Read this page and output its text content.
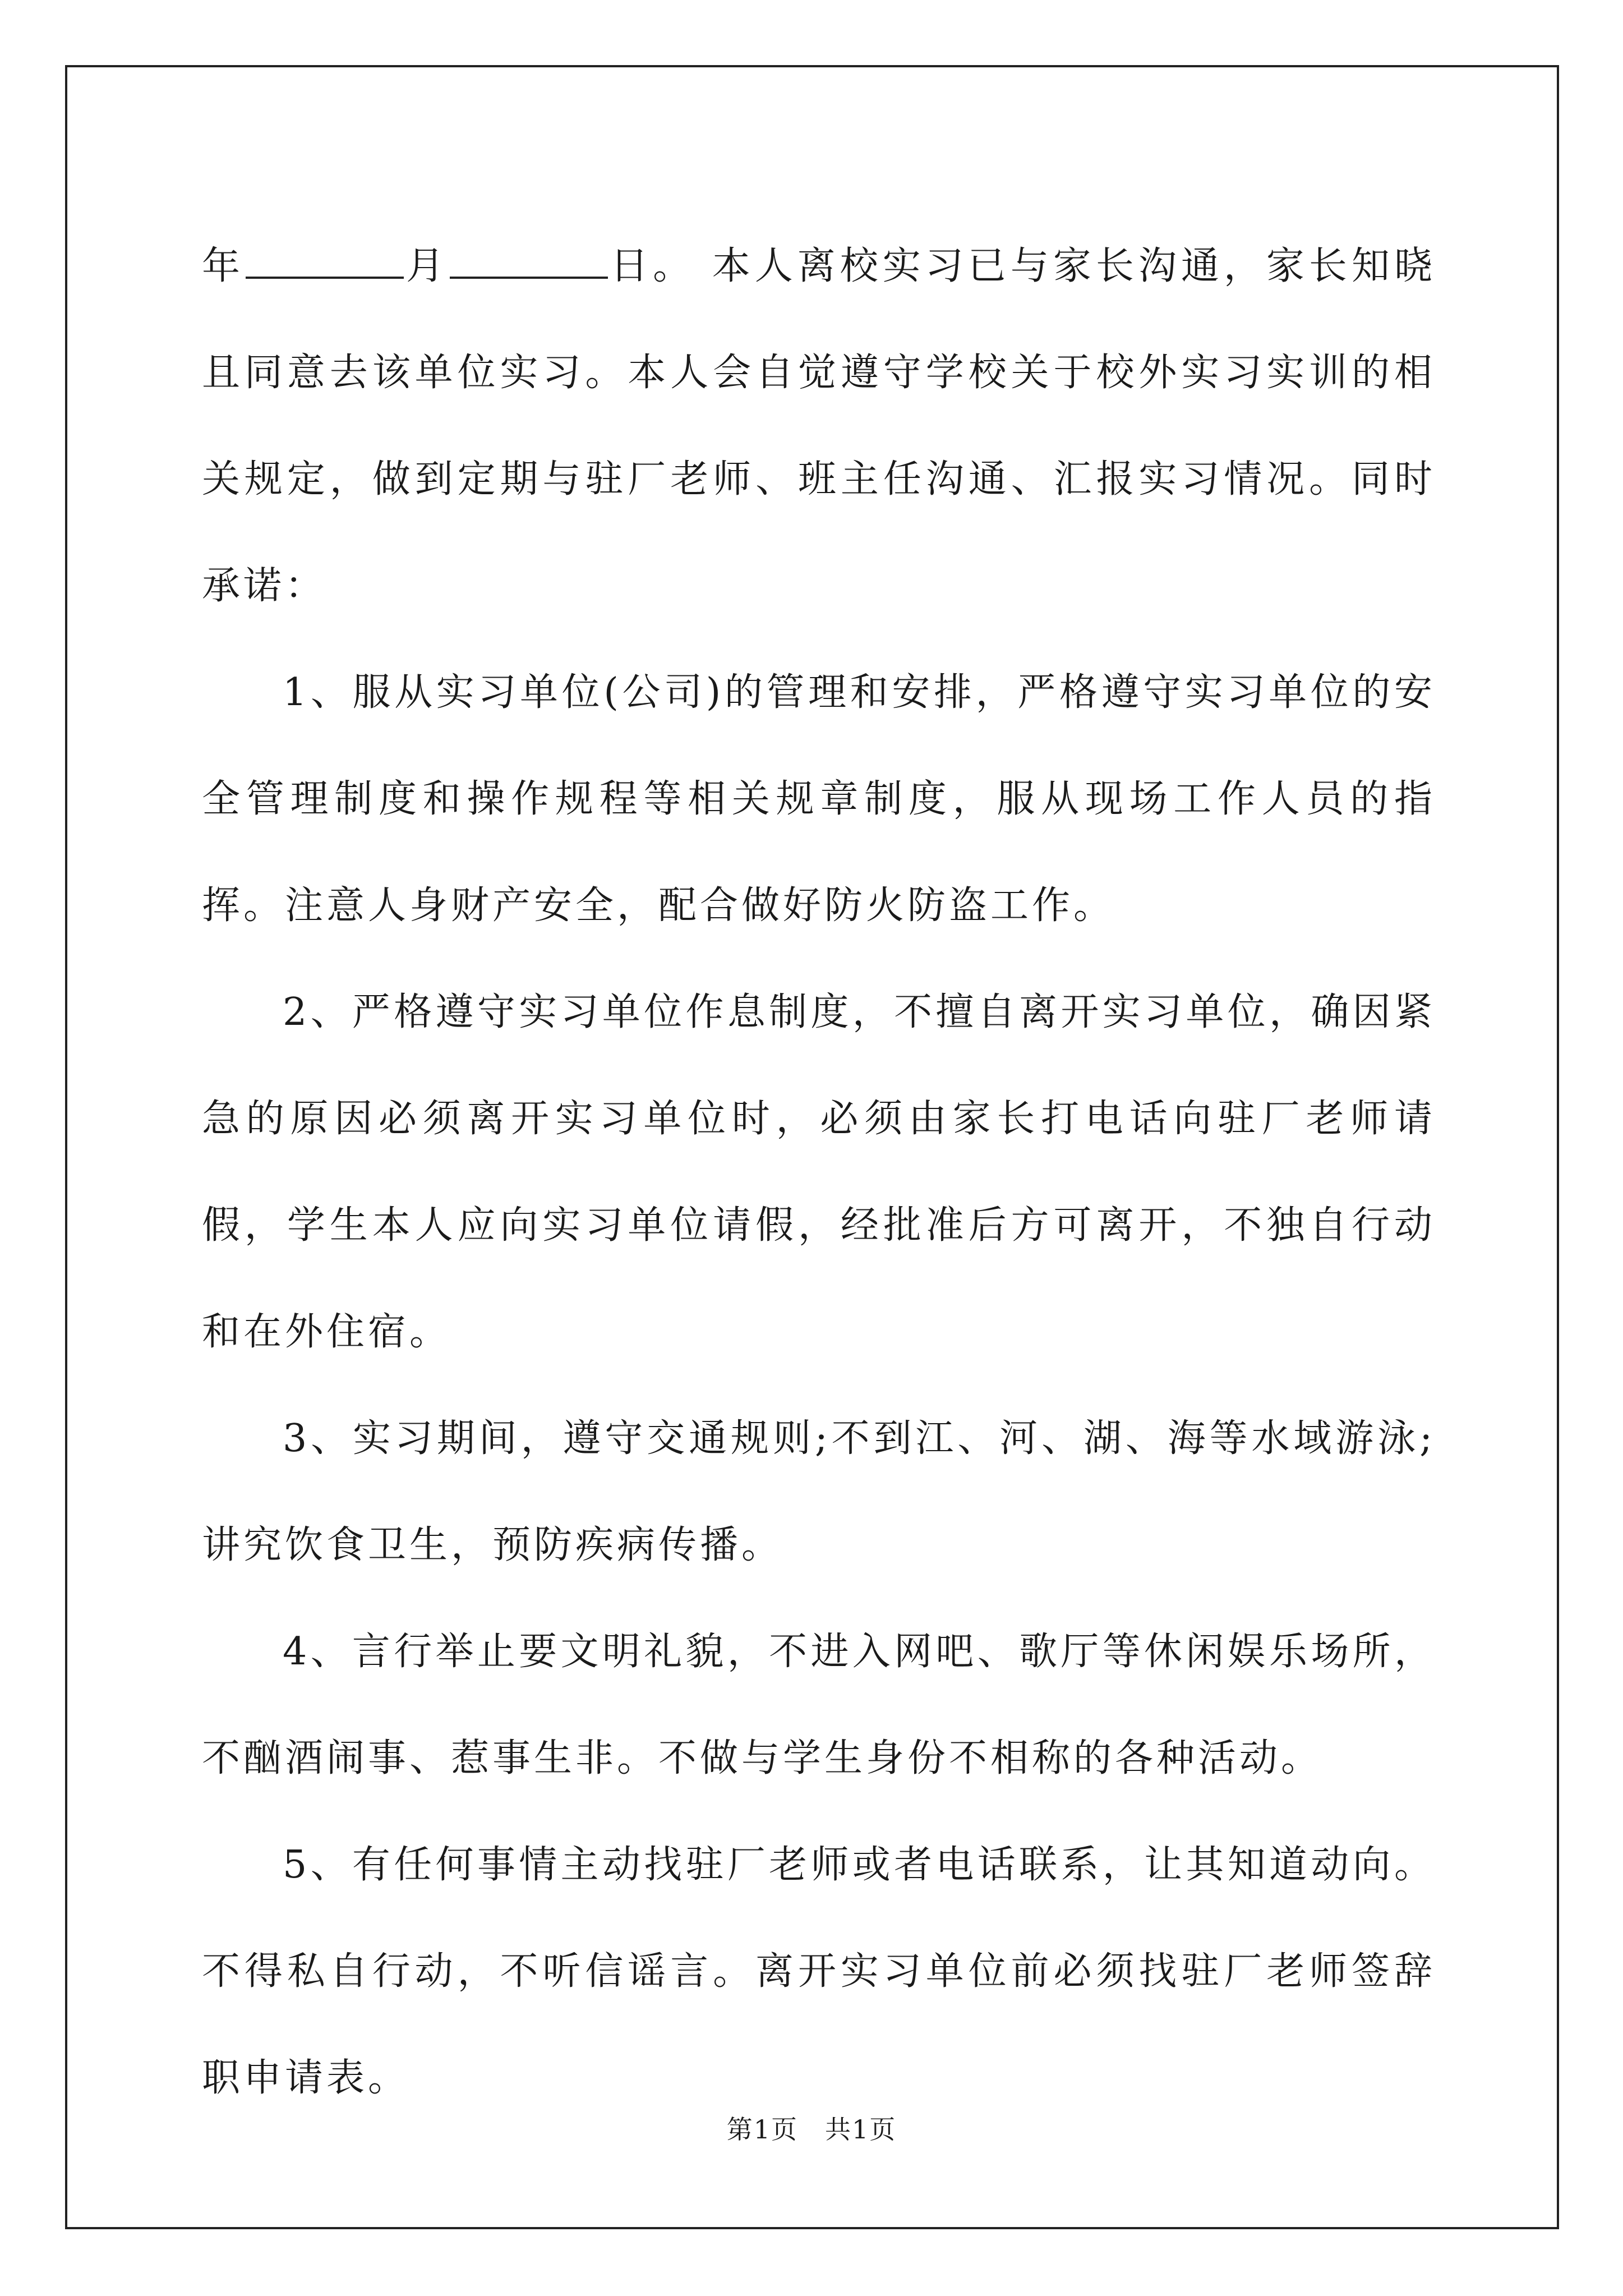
年	月	日。 本人离校实习已与家长沟通，家长知晓且同意去该单位实习。本人会自觉遵守学校关于校外实习实训的相关规定，做到定期与驻厂老师、班主任沟通、汇报实习情况。同时承诺：

1、服从实习单位(公司)的管理和安排，严格遵守实习单位的安全管理制度和操作规程等相关规章制度，服从现场工作人员的指挥。注意人身财产安全，配合做好防火防盗工作。

2、严格遵守实习单位作息制度，不擅自离开实习单位，确因紧急的原因必须离开实习单位时，必须由家长打电话向驻厂老师请假，学生本人应向实习单位请假，经批准后方可离开，不独自行动和在外住宿。

3、实习期间，遵守交通规则;不到江、河、湖、海等水域游泳;讲究饮食卫生，预防疾病传播。

4、言行举止要文明礼貌，不进入网吧、歌厅等休闲娱乐场所，不酗酒闹事、惹事生非。不做与学生身份不相称的各种活动。

5、有任何事情主动找驻厂老师或者电话联系，让其知道动向。不得私自行动，不听信谣言。离开实习单位前必须找驻厂老师签辞职申请表。

第1页　共1页
